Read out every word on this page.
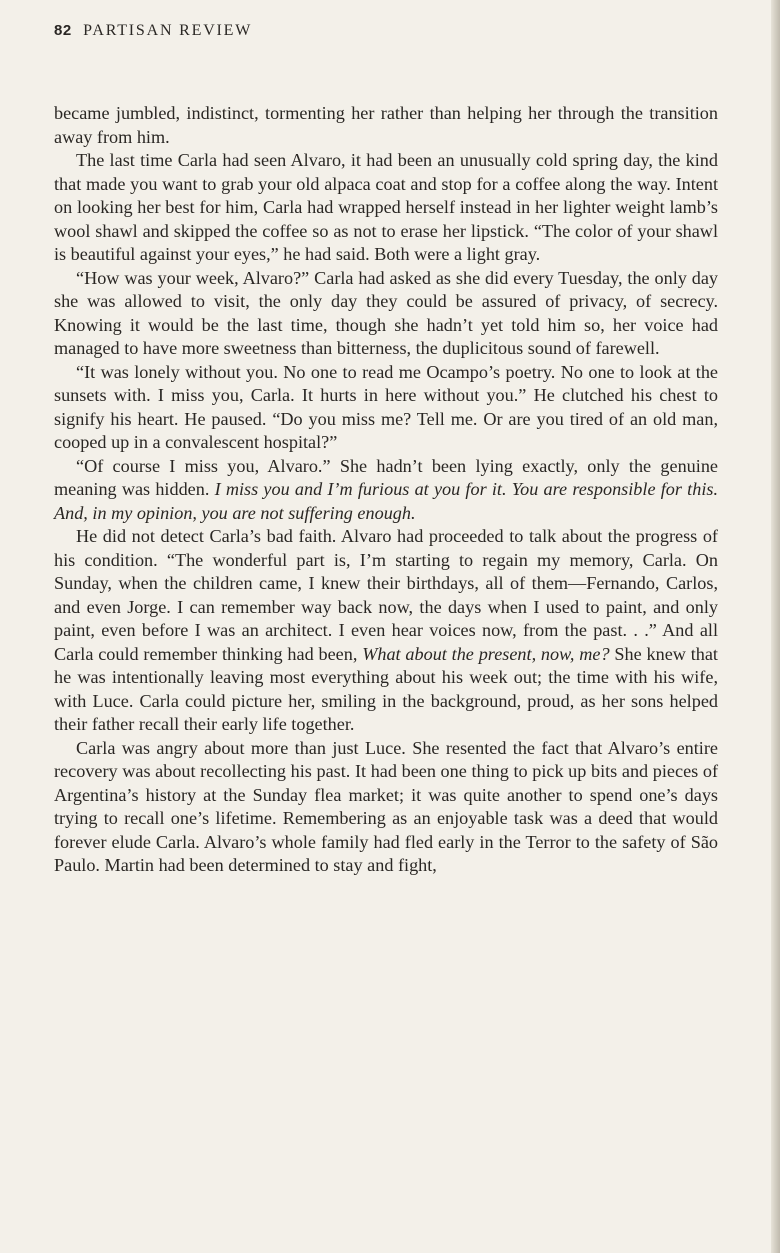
82 PARTISAN REVIEW

became jumbled, indistinct, tormenting her rather than helping her through the transition away from him.

The last time Carla had seen Alvaro, it had been an unusually cold spring day, the kind that made you want to grab your old alpaca coat and stop for a coffee along the way. Intent on looking her best for him, Carla had wrapped herself instead in her lighter weight lamb’s wool shawl and skipped the coffee so as not to erase her lipstick. “The color of your shawl is beautiful against your eyes,” he had said. Both were a light gray.

“How was your week, Alvaro?” Carla had asked as she did every Tuesday, the only day she was allowed to visit, the only day they could be assured of privacy, of secrecy. Knowing it would be the last time, though she hadn’t yet told him so, her voice had managed to have more sweetness than bitterness, the duplicitous sound of farewell.

“It was lonely without you. No one to read me Ocampo’s poetry. No one to look at the sunsets with. I miss you, Carla. It hurts in here without you.” He clutched his chest to signify his heart. He paused. “Do you miss me? Tell me. Or are you tired of an old man, cooped up in a convalescent hospital?”

“Of course I miss you, Alvaro.” She hadn’t been lying exactly, only the genuine meaning was hidden. I miss you and I’m furious at you for it. You are responsible for this. And, in my opinion, you are not suffering enough.

He did not detect Carla’s bad faith. Alvaro had proceeded to talk about the progress of his condition. “The wonderful part is, I’m starting to regain my memory, Carla. On Sunday, when the children came, I knew their birthdays, all of them—Fernando, Carlos, and even Jorge. I can remember way back now, the days when I used to paint, and only paint, even before I was an architect. I even hear voices now, from the past. . .” And all Carla could remember thinking had been, What about the present, now, me? She knew that he was intentionally leaving most everything about his week out; the time with his wife, with Luce. Carla could picture her, smiling in the background, proud, as her sons helped their father recall their early life together.

Carla was angry about more than just Luce. She resented the fact that Alvaro’s entire recovery was about recollecting his past. It had been one thing to pick up bits and pieces of Argentina’s history at the Sunday flea market; it was quite another to spend one’s days trying to recall one’s lifetime. Remembering as an enjoyable task was a deed that would forever elude Carla. Alvaro’s whole family had fled early in the Terror to the safety of São Paulo. Martin had been determined to stay and fight,
